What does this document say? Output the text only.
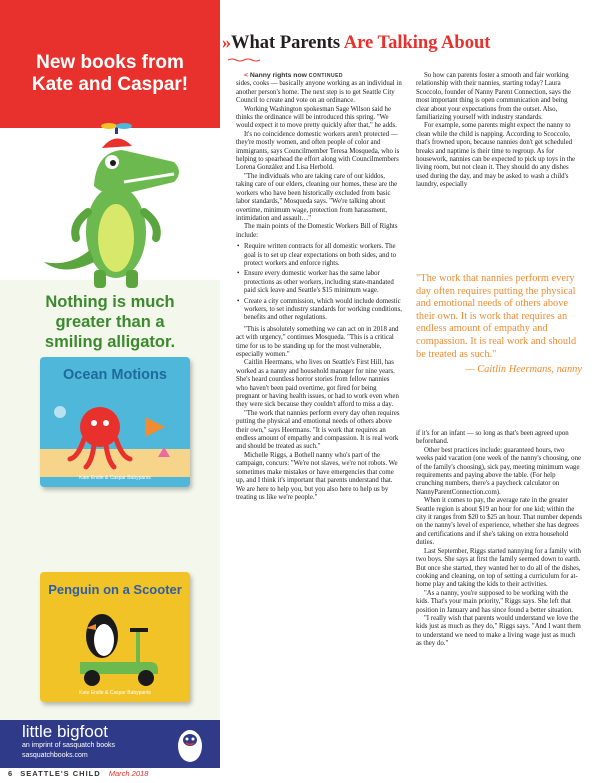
New books from
Kate and Caspar!
Nothing is much
greater than a
smiling alligator.
Ocean Motions
Kate Endle & Caspar Babypants
Penguin on a Scooter
Kate Endle & Caspar Babypants
little bigfoot
an imprint of sasquatch books
sasquatchbooks.com
6 SEATTLE'S CHILD March 2018
»What Parents Are Talking About

< Nanny rights now CONTINUED

sides, cooks — basically anyone working as an individual in another person's home. The next step is to get Seattle City Council to create and vote on an ordinance.

Working Washington spokesman Sage Wilson said he thinks the ordinance will be introduced this spring. "We would expect it to move pretty quickly after that," he adds.

It's no coincidence domestic workers aren't protected — they're mostly women, and often people of color and immigrants, says Councilmember Teresa Mosqueda, who is helping to spearhead the effort along with Councilmembers Lorena González and Lisa Herbold.

"The individuals who are taking care of our kiddos, taking care of our elders, cleaning our homes, these are the workers who have been historically excluded from basic labor standards," Mosqueda says. "We're talking about overtime, minimum wage, protection from harassment, intimidation and assault…"

The main points of the Domestic Workers Bill of Rights include:

• Require written contracts for all domestic workers. The goal is to set up clear expectations on both sides, and to protect workers and enforce rights.
• Ensure every domestic worker has the same labor protections as other workers, including state-mandated paid sick leave and Seattle's $15 minimum wage.
• Create a city commission, which would include domestic workers, to set industry standards for working conditions, benefits and other regulations.

"This is absolutely something we can act on in 2018 and act with urgency," continues Mosqueda. "This is a critical time for us to be standing up for the most vulnerable, especially women."

Caitlin Heermans, who lives on Seattle's First Hill, has worked as a nanny and household manager for nine years. She's heard countless horror stories from fellow nannies who haven't been paid overtime, got fired for being pregnant or having health issues, or had to work even when they were sick because they couldn't afford to miss a day.

"The work that nannies perform every day often requires putting the physical and emotional needs of others above their own," says Heermans. "It is work that requires an endless amount of empathy and compassion. It is real work and should be treated as such."

Michelle Riggs, a Bothell nanny who's part of the campaign, concurs: "We're not slaves, we're not robots. We sometimes make mistakes or have emergencies that come up, and I think it's important that parents understand that. We are here to help you, but you also here to help us by treating us like we're people."

So how can parents foster a smooth and fair working relationship with their nannies, starting today? Laura Scoccolo, founder of Nanny Parent Connection, says the most important thing is open communication and being clear about your expectations from the outset. Also, familiarizing yourself with industry standards.

For example, some parents might expect the nanny to clean while the child is napping. According to Scoccolo, that's frowned upon, because nannies don't get scheduled breaks and naptime is their time to regroup. As for housework, nannies can be expected to pick up toys in the living room, but not clean it. They should do any dishes used during the day, and may be asked to wash a child's laundry, especially

"The work that nannies perform every day often requires putting the physical and emotional needs of others above their own. It is work that requires an endless amount of empathy and compassion. It is real work and should be treated as such."
— Caitlin Heermans, nanny

if it's for an infant — so long as that's been agreed upon beforehand.

Other best practices include: guaranteed hours, two weeks paid vacation (one week of the nanny's choosing, one of the family's choosing), sick pay, meeting minimum wage requirements and paying above the table. (For help crunching numbers, there's a paycheck calculator on NannyParentConnection.com).

When it comes to pay, the average rate in the greater Seattle region is about $19 an hour for one kid; within the city it ranges from $20 to $25 an hour. That number depends on the nanny's level of experience, whether she has degrees and certifications and if she's taking on extra household duties.

Last September, Riggs started nannying for a family with two boys. She says at first the family seemed down to earth. But once she started, they wanted her to do all of the dishes, cooking and cleaning, on top of setting a curriculum for at-home play and taking the kids to their activities.

"As a nanny, you're supposed to be working with the kids. That's your main priority," Riggs says. She left that position in January and has since found a better situation.

"I really wish that parents would understand we love the kids just as much as they do," Riggs says. "And I want them to understand we need to make a living wage just as much as they do."
